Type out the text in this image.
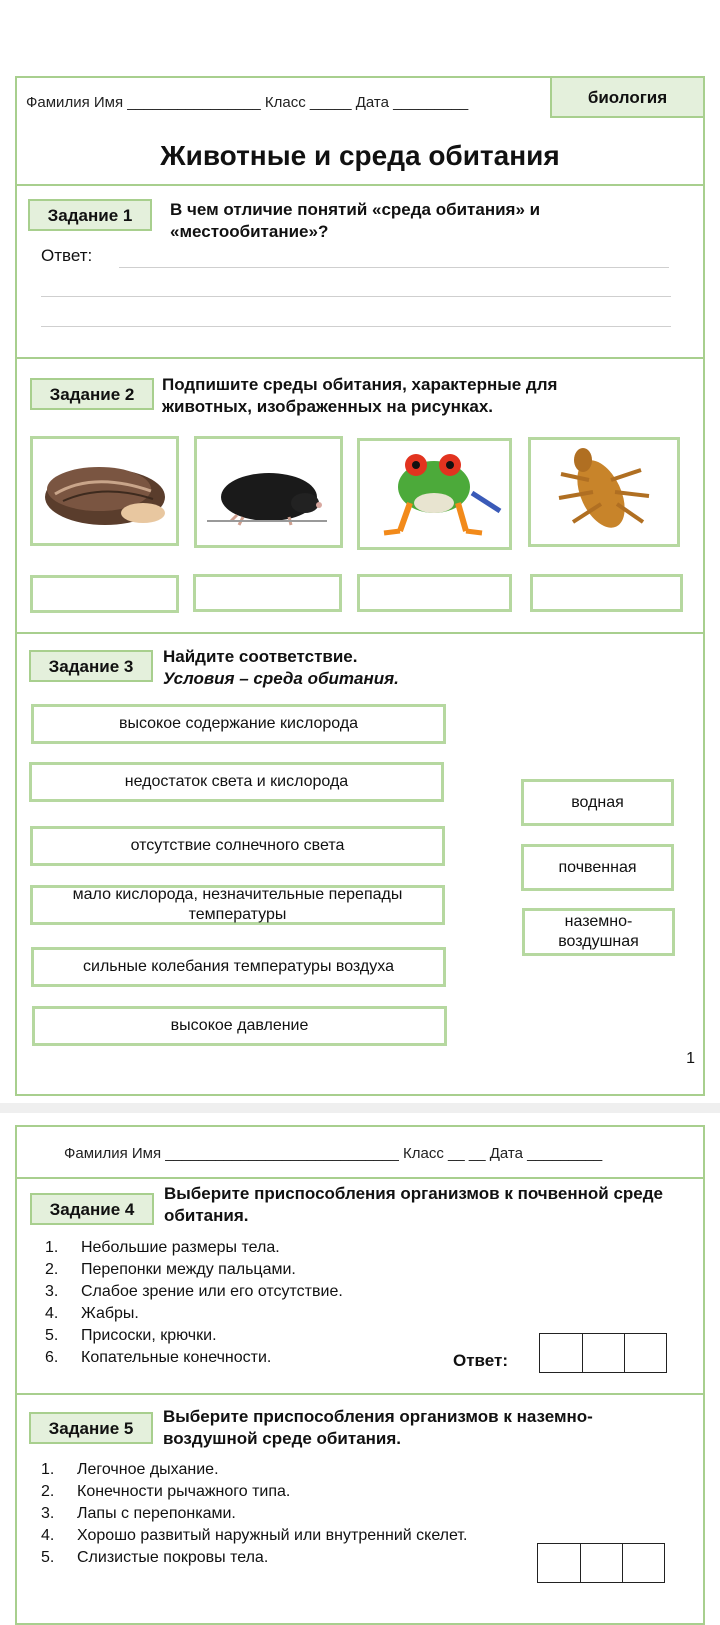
Фамилия Имя ________________ Класс _____ Дата _________	биология
Животные и среда обитания
Задание 1	В чем отличие понятий «среда обитания» и «местообитание»?
Ответ:
Задание 2
Подпишите среды обитания, характерные для животных, изображенных на рисунках.
Задание 3
Найдите соответствие.
Условия – среда обитания.
высокое содержание кислорода
недостаток света и кислорода
отсутствие солнечного света
мало кислорода, незначительные перепады температуры
сильные колебания температуры воздуха
высокое давление
водная
почвенная
наземно-воздушная
1
Фамилия Имя ____________________________ Класс __ __ Дата _________
Задание 4
Выберите приспособления организмов к почвенной среде обитания.
1. Небольшие размеры тела.
2. Перепонки между пальцами.
3. Слабое зрение или его отсутствие.
4. Жабры.
5. Присоски, крючки.
6. Копательные конечности.	Ответ:
Задание 5
Выберите приспособления организмов к наземно-воздушной среде обитания.
1. Легочное дыхание.
2. Конечности рычажного типа.
3. Лапы с перепонками.
4. Хорошо развитый наружный или внутренний скелет.
5. Слизистые покровы тела.
